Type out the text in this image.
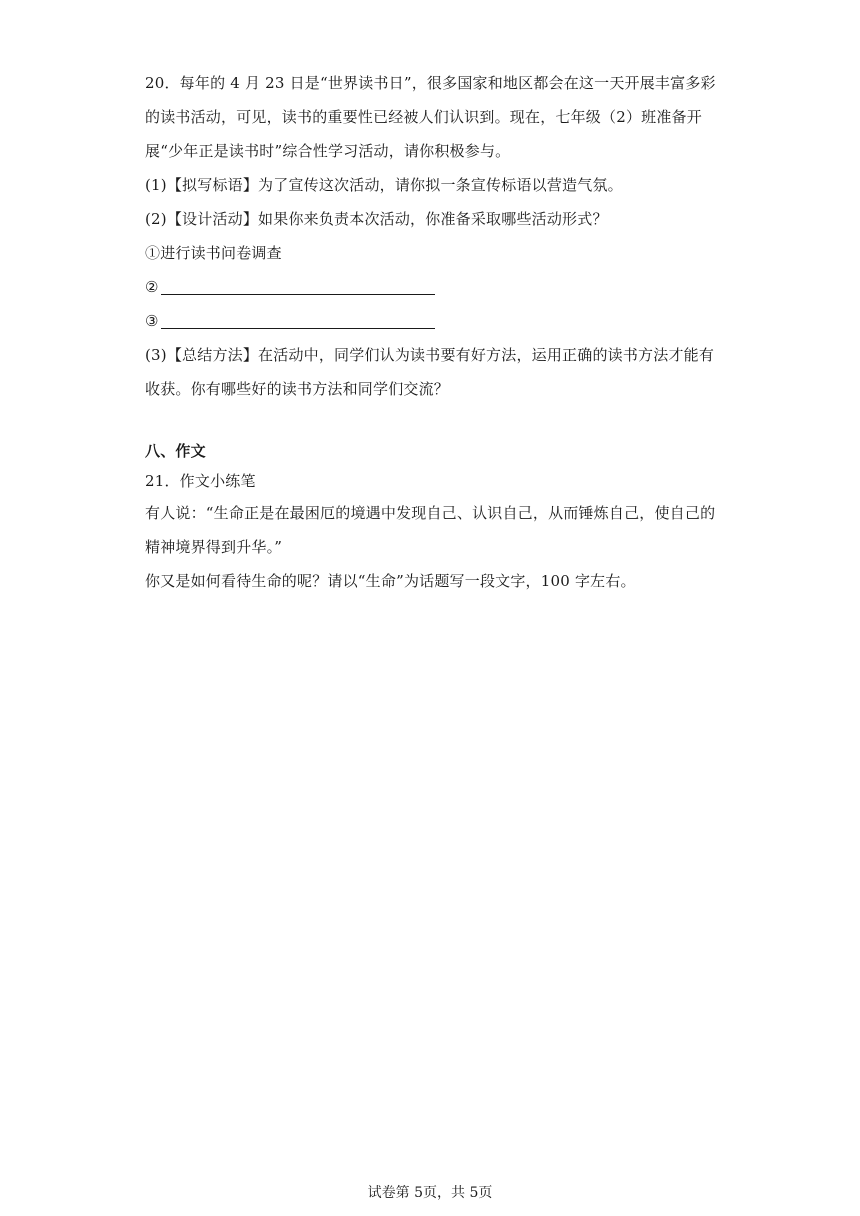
20．每年的 4 月 23 日是“世界读书日”，很多国家和地区都会在这一天开展丰富多彩的读书活动，可见，读书的重要性已经被人们认识到。现在，七年级（2）班准备开展“少年正是读书时”综合性学习活动，请你积极参与。

(1)【拟写标语】为了宣传这次活动，请你拟一条宣传标语以营造气氛。

(2)【设计活动】如果你来负责本次活动，你准备采取哪些活动形式？

①进行读书问卷调查

②

③

(3)【总结方法】在活动中，同学们认为读书要有好方法，运用正确的读书方法才能有收获。你有哪些好的读书方法和同学们交流？

八、作文

21．作文小练笔

有人说：“生命正是在最困厄的境遇中发现自己、认识自己，从而锤炼自己，使自己的精神境界得到升华。”

你又是如何看待生命的呢？请以“生命”为话题写一段文字，100 字左右。

试卷第 5页，共 5页
